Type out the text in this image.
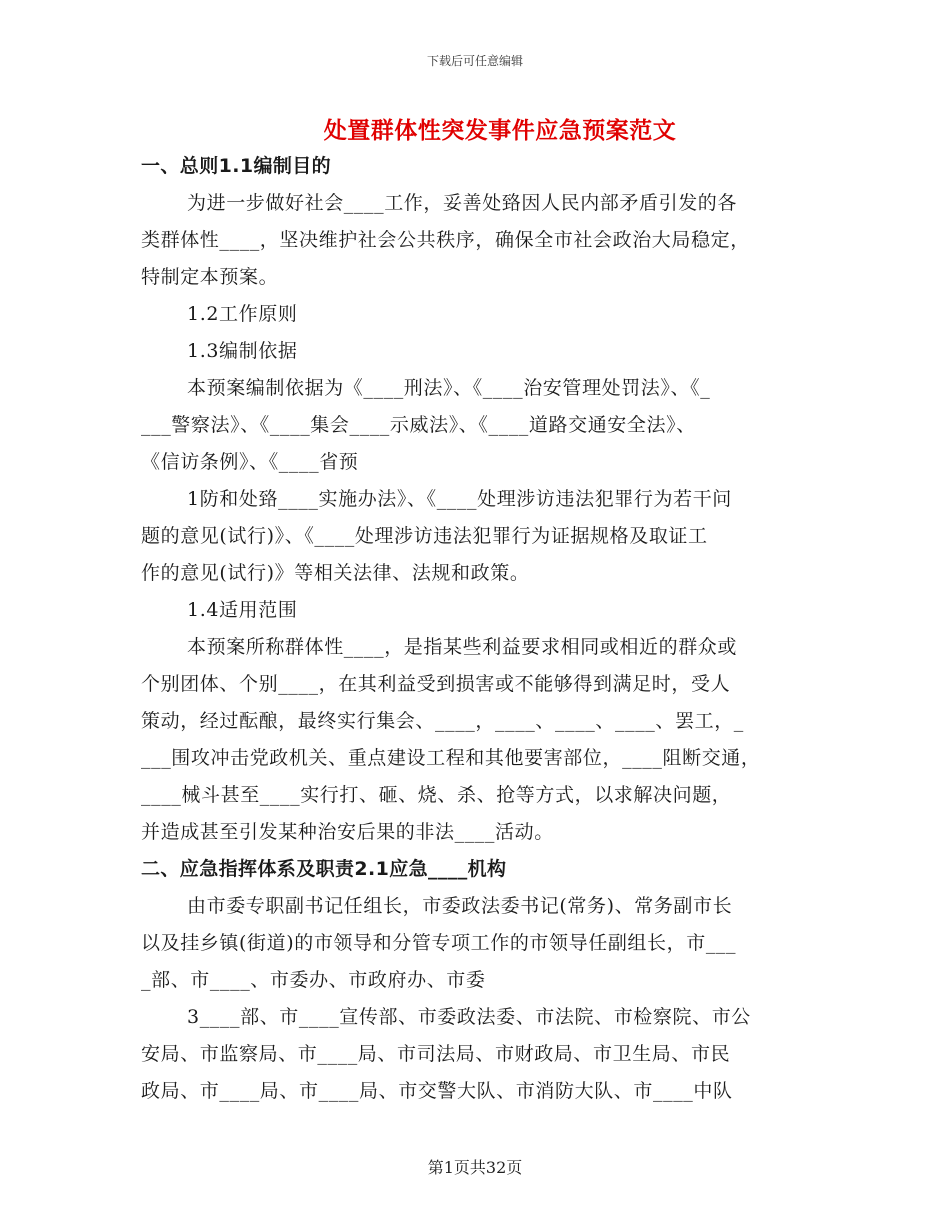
下载后可任意编辑
处置群体性突发事件应急预案范文
一、总则1.1编制目的
为进一步做好社会____工作，妥善处臵因人民内部矛盾引发的各
类群体性____，坚决维护社会公共秩序，确保全市社会政治大局稳定，
特制定本预案。
1.2工作原则
1.3编制依据
本预案编制依据为《____刑法》、《____治安管理处罚法》、《_
___警察法》、《____集会____示威法》、《____道路交通安全法》、
《信访条例》、《____省预
1防和处臵____实施办法》、《____处理涉访违法犯罪行为若干问
题的意见(试行)》、《____处理涉访违法犯罪行为证据规格及取证工
作的意见(试行)》等相关法律、法规和政策。
1.4适用范围
本预案所称群体性____，是指某些利益要求相同或相近的群众或
个别团体、个别____，在其利益受到损害或不能够得到满足时，受人
策动，经过酝酿，最终实行集会、____，____、____、____、罢工，_
___围攻冲击党政机关、重点建设工程和其他要害部位，____阻断交通，
____械斗甚至____实行打、砸、烧、杀、抢等方式，以求解决问题，
并造成甚至引发某种治安后果的非法____活动。
二、应急指挥体系及职责2.1应急____机构
由市委专职副书记任组长，市委政法委书记(常务)、常务副市长
以及挂乡镇(街道)的市领导和分管专项工作的市领导任副组长，市___
_部、市____、市委办、市政府办、市委
3____部、市____宣传部、市委政法委、市法院、市检察院、市公
安局、市监察局、市____局、市司法局、市财政局、市卫生局、市民
政局、市____局、市____局、市交警大队、市消防大队、市____中队
第1页共32页
